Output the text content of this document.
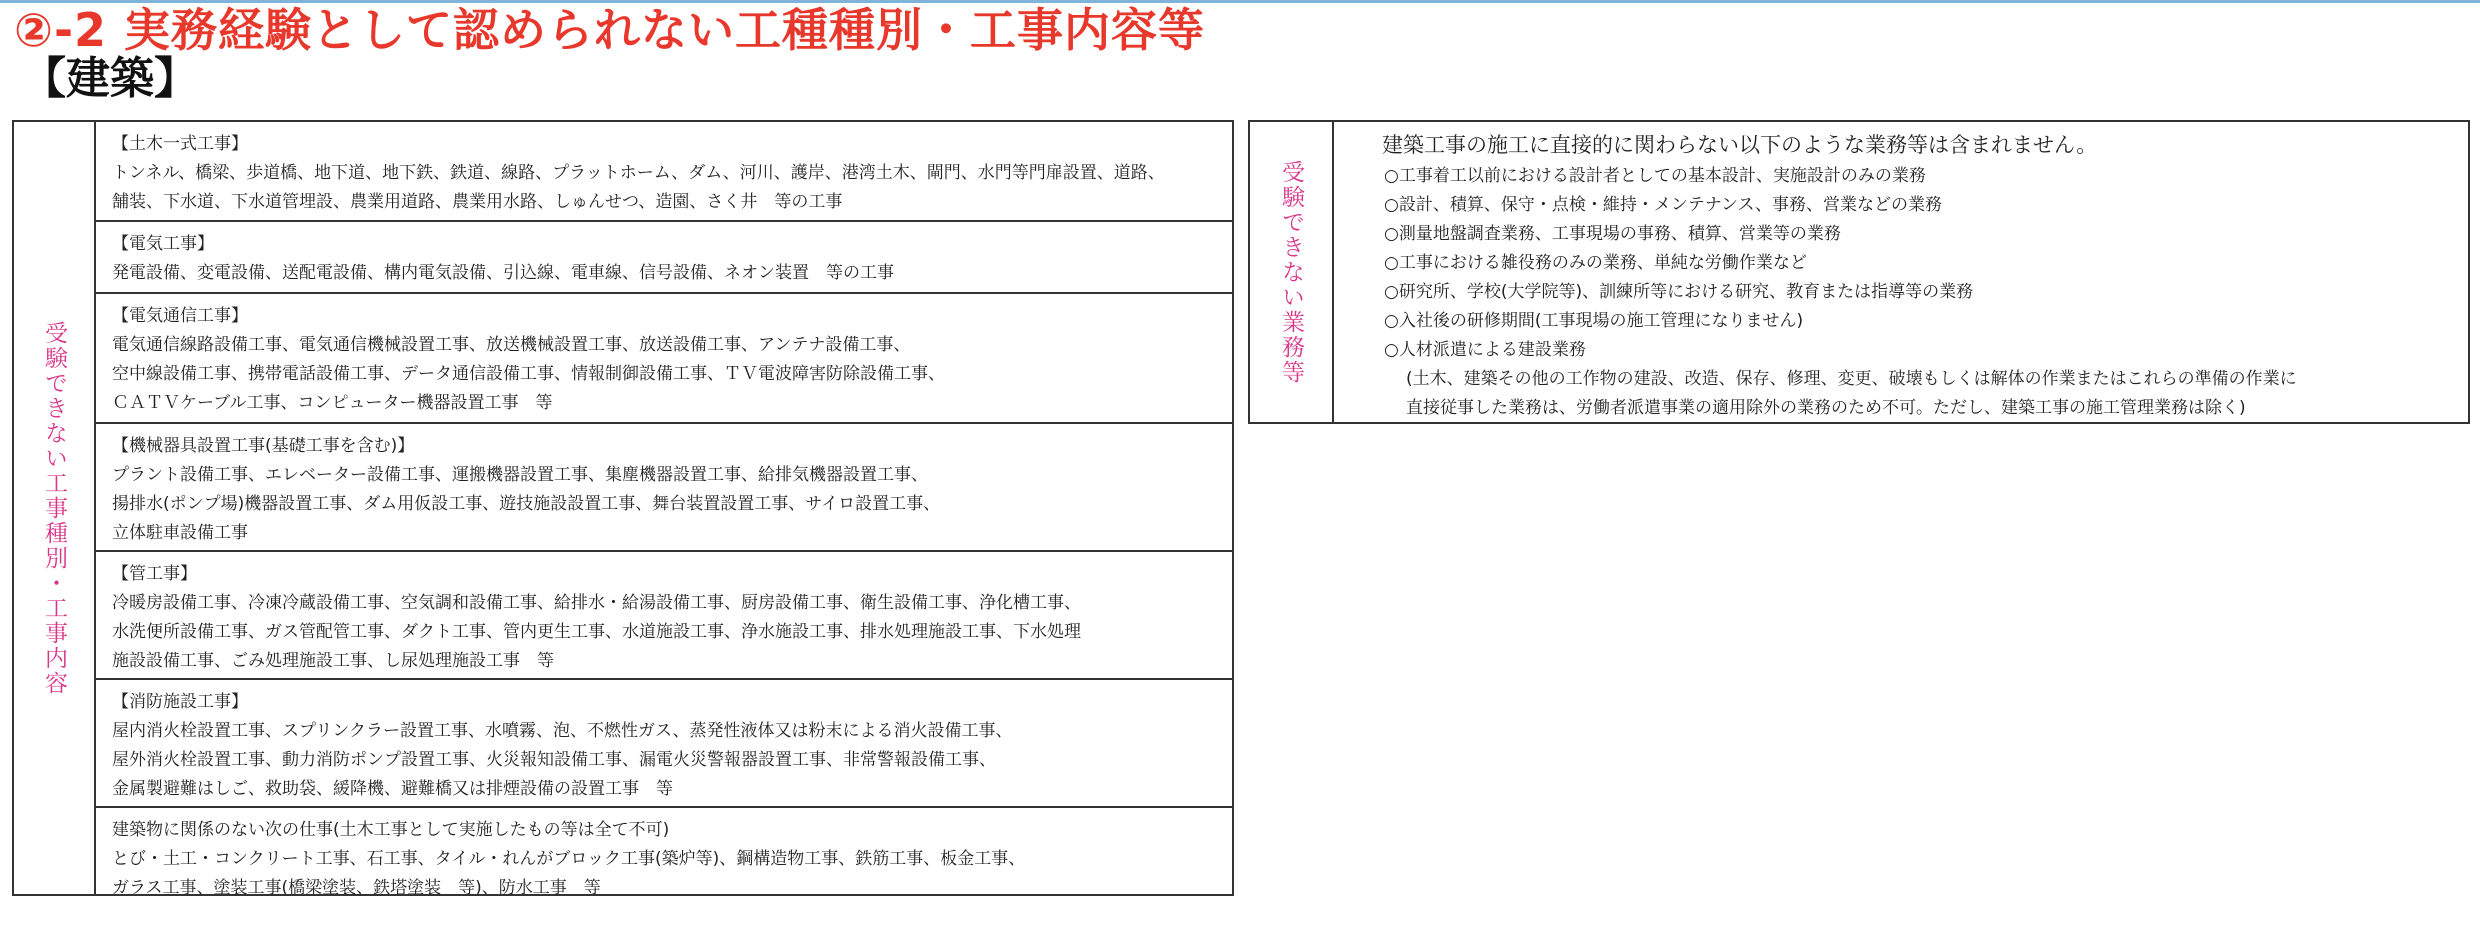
②-2 実務経験として認められない工種種別・工事内容等
【建築】
受験できない工事種別・工事内容
【土木一式工事】
トンネル、橋梁、歩道橋、地下道、地下鉄、鉄道、線路、プラットホーム、ダム、河川、護岸、港湾土木、閘門、水門等門扉設置、道路、
舗装、下水道、下水道管埋設、農業用道路、農業用水路、しゅんせつ、造園、さく井　等の工事
【電気工事】
発電設備、変電設備、送配電設備、構内電気設備、引込線、電車線、信号設備、ネオン装置　等の工事
【電気通信工事】
電気通信線路設備工事、電気通信機械設置工事、放送機械設置工事、放送設備工事、アンテナ設備工事、
空中線設備工事、携帯電話設備工事、データ通信設備工事、情報制御設備工事、ＴＶ電波障害防除設備工事、
ＣＡＴＶケーブル工事、コンピューター機器設置工事　等
【機械器具設置工事(基礎工事を含む)】
プラント設備工事、エレベーター設備工事、運搬機器設置工事、集塵機器設置工事、給排気機器設置工事、
揚排水(ポンプ場)機器設置工事、ダム用仮設工事、遊技施設設置工事、舞台装置設置工事、サイロ設置工事、
立体駐車設備工事
【管工事】
冷暖房設備工事、冷凍冷蔵設備工事、空気調和設備工事、給排水・給湯設備工事、厨房設備工事、衛生設備工事、浄化槽工事、
水洗便所設備工事、ガス管配管工事、ダクト工事、管内更生工事、水道施設工事、浄水施設工事、排水処理施設工事、下水処理
施設設備工事、ごみ処理施設工事、し尿処理施設工事　等
【消防施設工事】
屋内消火栓設置工事、スプリンクラー設置工事、水噴霧、泡、不燃性ガス、蒸発性液体又は粉末による消火設備工事、
屋外消火栓設置工事、動力消防ポンプ設置工事、火災報知設備工事、漏電火災警報器設置工事、非常警報設備工事、
金属製避難はしご、救助袋、緩降機、避難橋又は排煙設備の設置工事　等
建築物に関係のない次の仕事(土木工事として実施したもの等は全て不可)
とび・土工・コンクリート工事、石工事、タイル・れんがブロック工事(築炉等)、鋼構造物工事、鉄筋工事、板金工事、
ガラス工事、塗装工事(橋梁塗装、鉄塔塗装　等)、防水工事　等
受験できない業務等
建築工事の施工に直接的に関わらない以下のような業務等は含まれません。
○工事着工以前における設計者としての基本設計、実施設計のみの業務
○設計、積算、保守・点検・維持・メンテナンス、事務、営業などの業務
○測量地盤調査業務、工事現場の事務、積算、営業等の業務
○工事における雑役務のみの業務、単純な労働作業など
○研究所、学校(大学院等)、訓練所等における研究、教育または指導等の業務
○入社後の研修期間(工事現場の施工管理になりません)
○人材派遣による建設業務
(土木、建築その他の工作物の建設、改造、保存、修理、変更、破壊もしくは解体の作業またはこれらの準備の作業に
直接従事した業務は、労働者派遣事業の適用除外の業務のため不可。ただし、建築工事の施工管理業務は除く)
